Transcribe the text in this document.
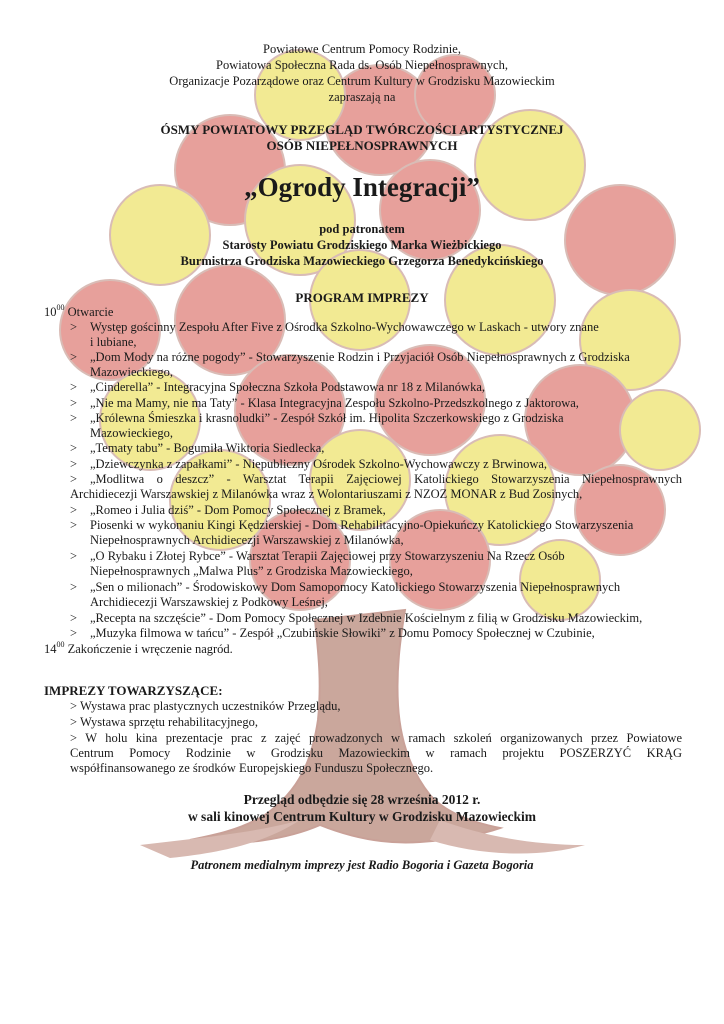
Powiatowe Centrum Pomocy Rodzinie,
Powiatowa Społeczna Rada ds. Osób Niepełnosprawnych,
Organizacje Pozarządowe oraz Centrum Kultury w Grodzisku Mazowieckim
zapraszają na
ÓSMY POWIATOWY PRZEGLĄD TWÓRCZOŚCI ARTYSTYCZNEJ
OSÓB NIEPEŁNOSPRAWNYCH
„Ogrody Integracji”
pod patronatem
Starosty Powiatu Grodziskiego Marka Wieżbickiego
Burmistrza Grodziska Mazowieckiego Grzegorza Benedykcińskiego
PROGRAM IMPREZY
$10^{00}$ Otwarcie
>
>
>
>
>
>
>
>
>
>
>
>
>
>
Występ gościnny Zespołu After Five z Ośrodka Szkolno-Wychowawczego w Laskach - utwory znane
i lubiane,
„Dom Mody na różne pogody” - Stowarzyszenie Rodzin i Przyjaciół Osób Niepełnosprawnych z Grodziska
Mazowieckiego,
„Cinderella” - Integracyjna Społeczna Szkoła Podstawowa nr 18 z Milanówka,
„Nie ma Mamy, nie ma Taty” - Klasa Integracyjna Zespołu Szkolno-Przedszkolnego z Jaktorowa,
„Królewna Śmieszka i krasnoludki” - Zespół Szkół im. Hipolita Szczerkowskiego z Grodziska
Mazowieckiego,
„Tematy tabu” - Bogumiła Wiktoria Siedlecka,
„Dziewczynka z zapałkami” - Niepubliczny Ośrodek Szkolno-Wychowawczy z Brwinowa,
„Modlitwa o deszcz” - Warsztat Terapii Zajęciowej Katolickiego Stowarzyszenia Niepełnosprawnych
Archidiecezji Warszawskiej z Milanówka wraz z Wolontariuszami z NZOZ MONAR z Bud Zosinych,
„Romeo i Julia dziś” - Dom Pomocy Społecznej z Bramek,
Piosenki w wykonaniu Kingi Kędzierskiej - Dom Rehabilitacyjno-Opiekuńczy Katolickiego Stowarzyszenia
Niepełnosprawnych Archidiecezji Warszawskiej z Milanówka,
„O Rybaku i Złotej Rybce” - Warsztat Terapii Zajęciowej przy Stowarzyszeniu Na Rzecz Osób
Niepełnosprawnych „Malwa Plus” z Grodziska Mazowieckiego,
„Sen o milionach” - Środowiskowy Dom Samopomocy Katolickiego Stowarzyszenia Niepełnosprawnych
Archidiecezji Warszawskiej z Podkowy Leśnej,
„Recepta na szczęście” - Dom Pomocy Społecznej w Izdebnie Kościelnym z filią w Grodzisku Mazowieckim,
„Muzyka filmowa w tańcu” - Zespół „Czubińskie Słowiki” z Domu Pomocy Społecznej w Czubinie,
$14^{00}$ Zakończenie i wręczenie nagród.
IMPREZY TOWARZYSZĄCE:
> Wystawa prac plastycznych uczestników Przeglądu,
> Wystawa sprzętu rehabilitacyjnego,
> W holu kina prezentacje prac z zajęć prowadzonych w ramach szkoleń organizowanych przez Powiatowe
Centrum Pomocy Rodzinie w Grodzisku Mazowieckim w ramach projektu POSZERZYĆ KRĄG
współfinansowanego ze środków Europejskiego Funduszu Społecznego.
Przegląd odbędzie się 28 września 2012 r.
w sali kinowej Centrum Kultury w Grodzisku Mazowieckim
Patronem medialnym imprezy jest Radio Bogoria i Gazeta Bogoria
